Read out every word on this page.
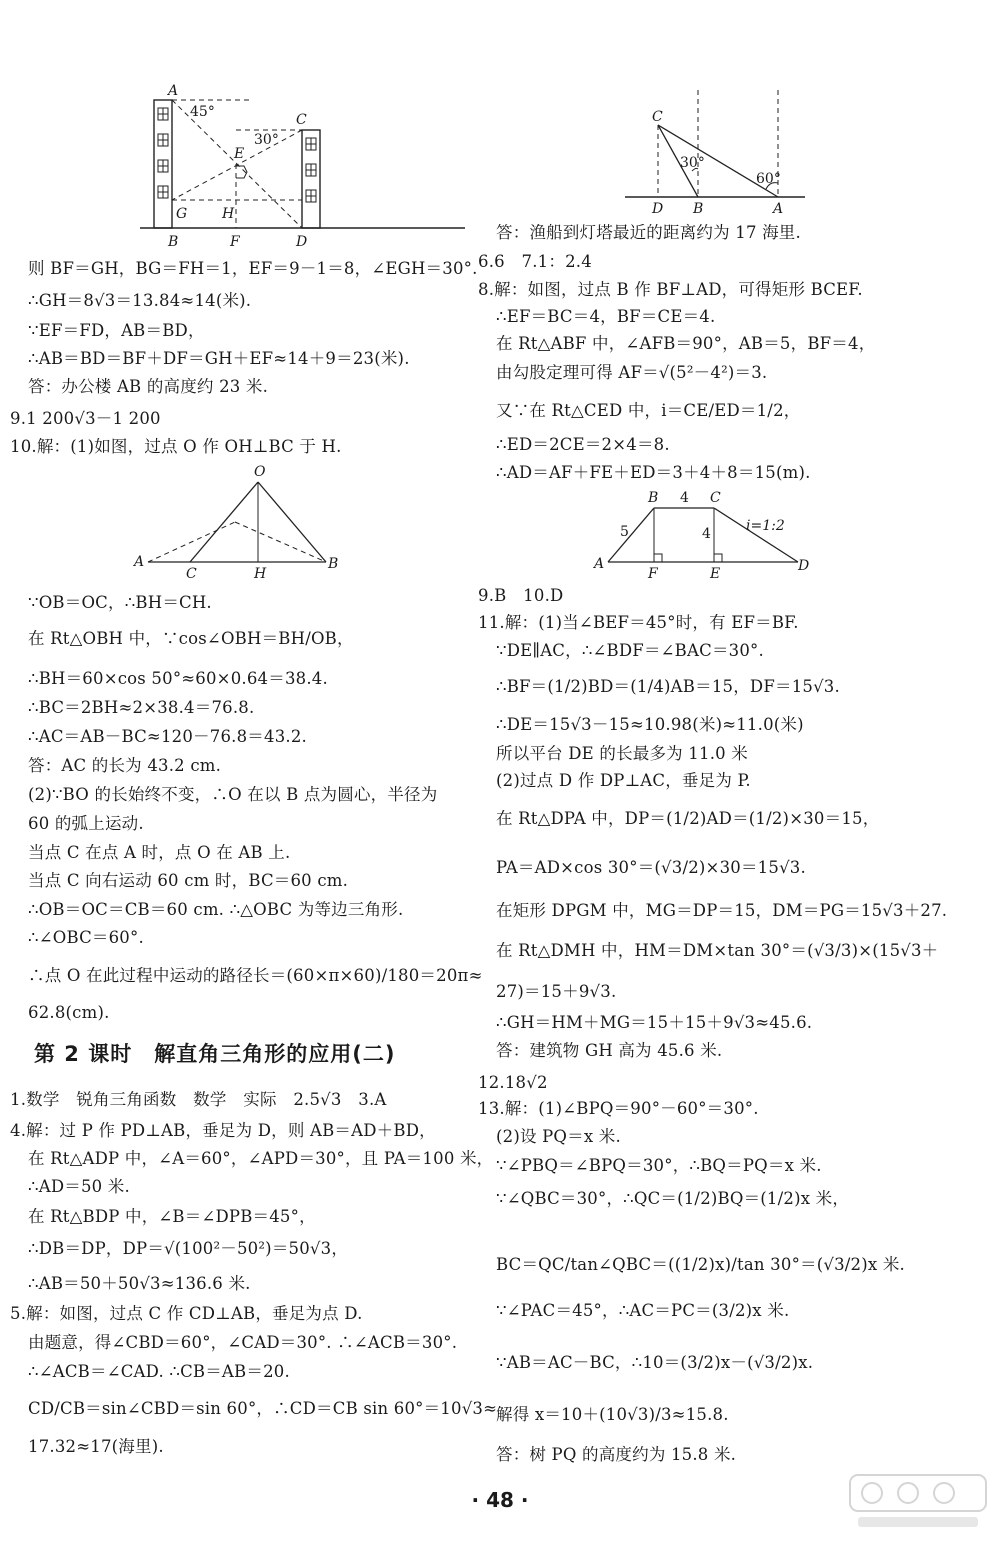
A
45°	C
30°
E
G H
B	F	D
C
30°
60°
D B	A
O
A
C	H
B
B 4 C
5	4	i=1:2
A
F	E	D
则 BF＝GH，BG＝FH＝1，EF＝9－1＝8，∠EGH＝30°.
∴GH＝8√3＝13.84≈14(米).
∵EF＝FD，AB＝BD，
∴AB＝BD＝BF＋DF＝GH＋EF≈14＋9＝23(米).
答：办公楼 AB 的高度约 23 米.
9.1 200√3－1 200
10.解：(1)如图，过点 O 作 OH⊥BC 于 H.
∵OB＝OC，∴BH＝CH.
在 Rt△OBH 中，∵cos∠OBH＝BH/OB，
∴BH＝60×cos 50°≈60×0.64＝38.4.
∴BC＝2BH≈2×38.4＝76.8.
∴AC＝AB－BC≈120－76.8＝43.2.
答：AC 的长为 43.2 cm.
(2)∵BO 的长始终不变，∴O 在以 B 点为圆心，半径为
60 的弧上运动.
当点 C 在点 A 时，点 O 在 AB 上.
当点 C 向右运动 60 cm 时，BC＝60 cm.
∴OB＝OC＝CB＝60 cm. ∴△OBC 为等边三角形.
∴∠OBC＝60°.
∴点 O 在此过程中运动的路径长＝(60×π×60)/180＝20π≈
62.8(cm).
第 2 课时　解直角三角形的应用(二)
1.数学　锐角三角函数　数学　实际　2.5√3　3.A
4.解：过 P 作 PD⊥AB，垂足为 D，则 AB＝AD＋BD，
在 Rt△ADP 中，∠A＝60°，∠APD＝30°，且 PA＝100 米，
∴AD＝50 米.
在 Rt△BDP 中，∠B＝∠DPB＝45°，
∴DB＝DP，DP＝√(100²－50²)＝50√3，
∴AB＝50＋50√3≈136.6 米.
5.解：如图，过点 C 作 CD⊥AB，垂足为点 D.
由题意，得∠CBD＝60°，∠CAD＝30°. ∴∠ACB＝30°.
∴∠ACB＝∠CAD. ∴CB＝AB＝20.
CD/CB＝sin∠CBD＝sin 60°，∴CD＝CB sin 60°＝10√3≈
17.32≈17(海里).
答：渔船到灯塔最近的距离约为 17 海里.
6.6　7.1：2.4
8.解：如图，过点 B 作 BF⊥AD，可得矩形 BCEF.
∴EF＝BC＝4，BF＝CE＝4.
在 Rt△ABF 中，∠AFB＝90°，AB＝5，BF＝4，
由勾股定理可得 AF＝√(5²－4²)＝3.
又∵在 Rt△CED 中，i＝CE/ED＝1/2，
∴ED＝2CE＝2×4＝8.
∴AD＝AF＋FE＋ED＝3＋4＋8＝15(m).
9.B　10.D
11.解：(1)当∠BEF＝45°时，有 EF＝BF.
∵DE∥AC，∴∠BDF＝∠BAC＝30°.
∴BF＝(1/2)BD＝(1/4)AB＝15，DF＝15√3.
∴DE＝15√3－15≈10.98(米)≈11.0(米)
所以平台 DE 的长最多为 11.0 米
(2)过点 D 作 DP⊥AC，垂足为 P.
在 Rt△DPA 中，DP＝(1/2)AD＝(1/2)×30＝15，
PA＝AD×cos 30°＝(√3/2)×30＝15√3.
在矩形 DPGM 中，MG＝DP＝15，DM＝PG＝15√3＋27.
在 Rt△DMH 中，HM＝DM×tan 30°＝(√3/3)×(15√3＋
27)＝15＋9√3.
∴GH＝HM＋MG＝15＋15＋9√3≈45.6.
答：建筑物 GH 高为 45.6 米.
12.18√2
13.解：(1)∠BPQ＝90°－60°＝30°.
(2)设 PQ＝x 米.
∵∠PBQ＝∠BPQ＝30°，∴BQ＝PQ＝x 米.
∵∠QBC＝30°，∴QC＝(1/2)BQ＝(1/2)x 米，
BC＝QC/tan∠QBC＝((1/2)x)/tan 30°＝(√3/2)x 米.
∵∠PAC＝45°，∴AC＝PC＝(3/2)x 米.
∵AB＝AC－BC，∴10＝(3/2)x－(√3/2)x.
解得 x＝10＋(10√3)/3≈15.8.
答：树 PQ 的高度约为 15.8 米.
· 48 ·
